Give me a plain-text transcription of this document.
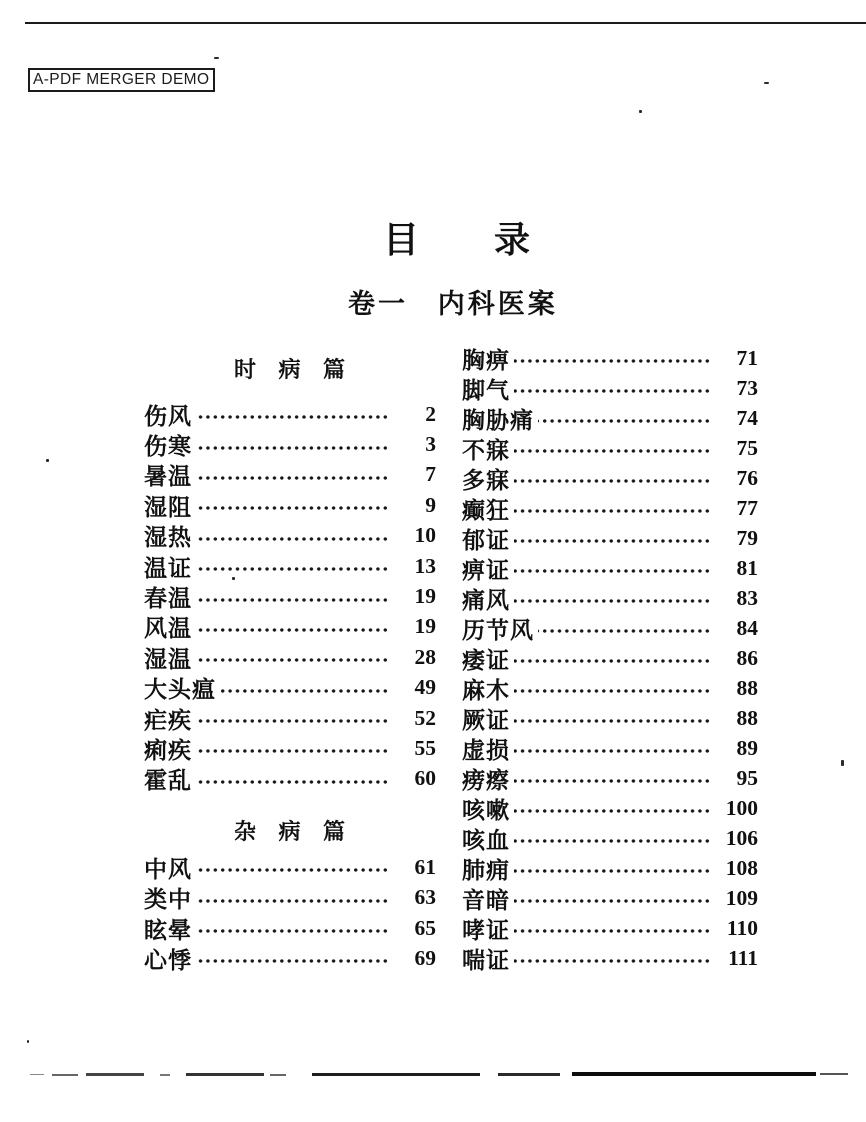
A-PDF MERGER DEMO
目 录
卷一 内科医案
时 病 篇
伤风	2
伤寒	3
暑温	7
湿阻	9
湿热	10
温证	13
春温	19
风温	19
湿温	28
大头瘟	49
疟疾	52
痢疾	55
霍乱	60
杂 病 篇
中风	61
类中	63
眩晕	65
心悸	69
胸痹	71
脚气	73
胸胁痛	74
不寐	75
多寐	76
癫狂	77
郁证	79
痹证	81
痛风	83
历节风	84
痿证	86
麻木	88
厥证	88
虚损	89
痨瘵	95
咳嗽	100
咳血	106
肺痈	108
音暗	109
哮证	110
喘证	111
